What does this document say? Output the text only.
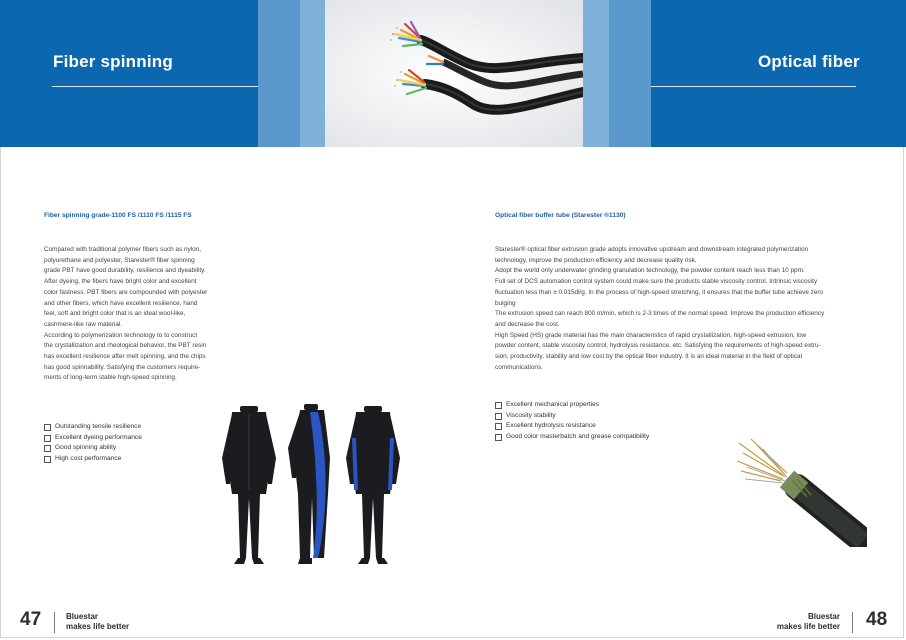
Fiber spinning	Optical fiber
Fiber spinning grade-1100 FS /1110 FS /1115 FS
Compared with traditional polymer fibers such as nylon,
polyurethane and polyester, Starester® fiber spinning
grade PBT have good durability, resilience and dyeability.
After dyeing, the fibers have bright color and excellent
color fastness. PBT fibers are compounded with polyester
and other fibers, which have excellent resilience, hand
feel, soft and bright color that is an ideal wool-like,
cashmere-like raw material.
According to polymerization technology to to construct
the crystallization and rheological behavior, the PBT resin
has excellent resilience after melt spinning, and the chips
has good spinnability. Satisfying the customers require-
ments of long-term stable high-speed spinning.
Outstanding tensile resilience
Excellent dyeing performance
Good spinning ability
High cost performance
Optical fiber buffer tube (Starester ®1130)
Starester® optical fiber extrusion grade adopts innovative upstream and downstream integrated polymerization
technology, improve the production efficiency and decrease quality risk.
Adopt the world only underwater grinding granulation technology, the powder content reach less than 10 ppm.
Full set of DCS automation control system could make sure the products stable viscosity control. Intrinsic viscosity
fluctuation less than ± 0.015dl/g. In the process of high-speed stretching, it ensures that the buffer tube achieve zero
bulging
The extrusion speed can reach 800 m/min, which is 2-3 times of the normal speed. Improve the production efficiency
and decrease the cost.
High Speed (HS) grade material has the main characteristics of rapid crystallization, high-speed extrusion, low
powder content, stable viscosity control, hydrolysis resistance, etc. Satisfying the requirements of high-speed extru-
sion, productivity, stability and low cost by the optical fiber industry. It is an ideal material in the field of optical
communications.
Excellent mechanical properties
Viscosity stability
Excellent hydrolysis resistance
Good color masterbatch and grease compatibility
47	Bluestar
makes life better
Bluestar
makes life better 48
